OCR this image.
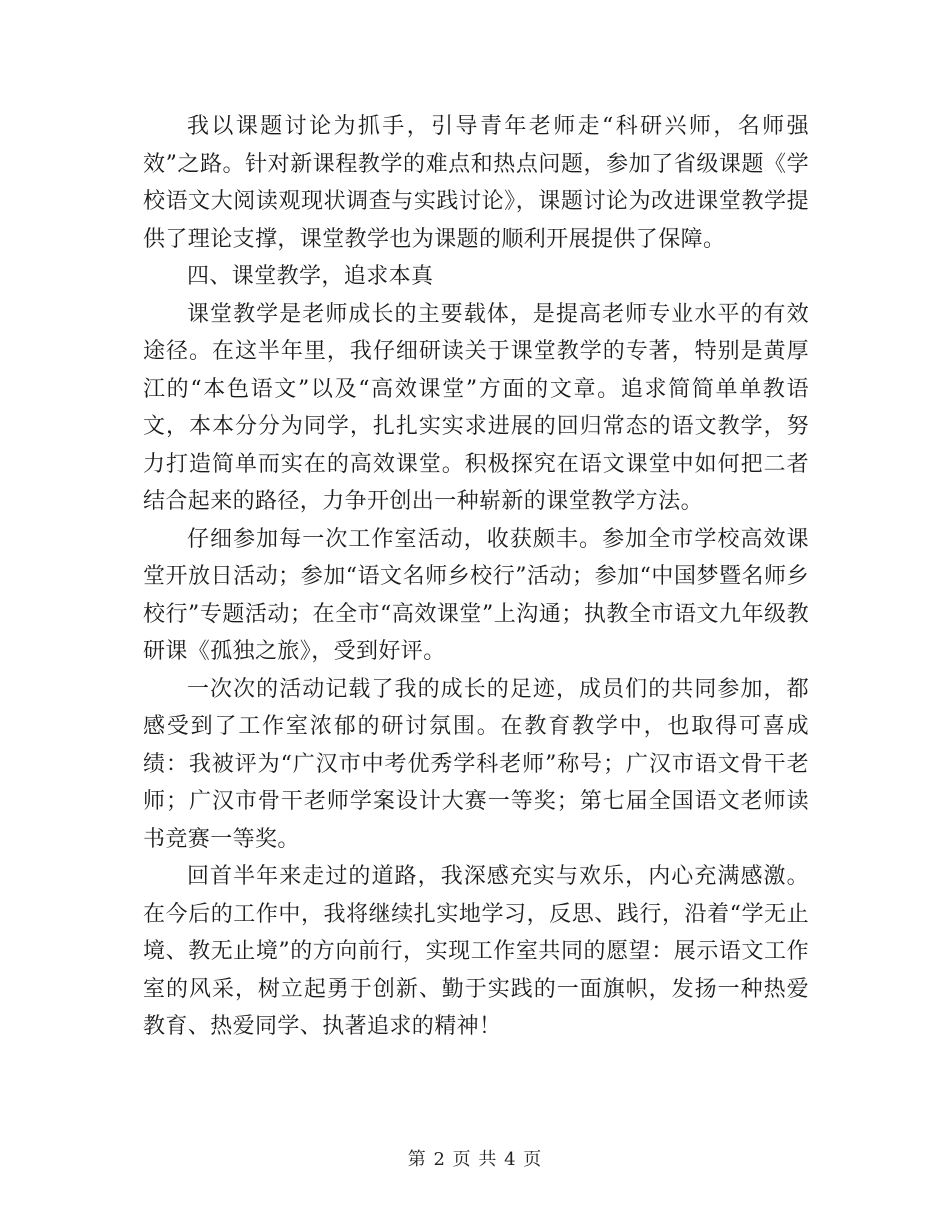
我以课题讨论为抓手，引导青年老师走“科研兴师，名师强效”之路。针对新课程教学的难点和热点问题，参加了省级课题《学校语文大阅读观现状调查与实践讨论》，课题讨论为改进课堂教学提供了理论支撑，课堂教学也为课题的顺利开展提供了保障。

四、课堂教学，追求本真

课堂教学是老师成长的主要载体，是提高老师专业水平的有效途径。在这半年里，我仔细研读关于课堂教学的专著，特别是黄厚江的“本色语文”以及“高效课堂”方面的文章。追求简简单单教语文，本本分分为同学，扎扎实实求进展的回归常态的语文教学，努力打造简单而实在的高效课堂。积极探究在语文课堂中如何把二者结合起来的路径，力争开创出一种崭新的课堂教学方法。

仔细参加每一次工作室活动，收获颇丰。参加全市学校高效课堂开放日活动；参加“语文名师乡校行”活动；参加“中国梦暨名师乡校行”专题活动；在全市“高效课堂”上沟通；执教全市语文九年级教研课《孤独之旅》，受到好评。

一次次的活动记载了我的成长的足迹，成员们的共同参加，都感受到了工作室浓郁的研讨氛围。在教育教学中，也取得可喜成绩：我被评为“广汉市中考优秀学科老师”称号；广汉市语文骨干老师；广汉市骨干老师学案设计大赛一等奖；第七届全国语文老师读书竞赛一等奖。

回首半年来走过的道路，我深感充实与欢乐，内心充满感激。在今后的工作中，我将继续扎实地学习，反思、践行，沿着“学无止境、教无止境”的方向前行，实现工作室共同的愿望：展示语文工作室的风采，树立起勇于创新、勤于实践的一面旗帜，发扬一种热爱教育、热爱同学、执著追求的精神！

第 2 页 共 4 页
